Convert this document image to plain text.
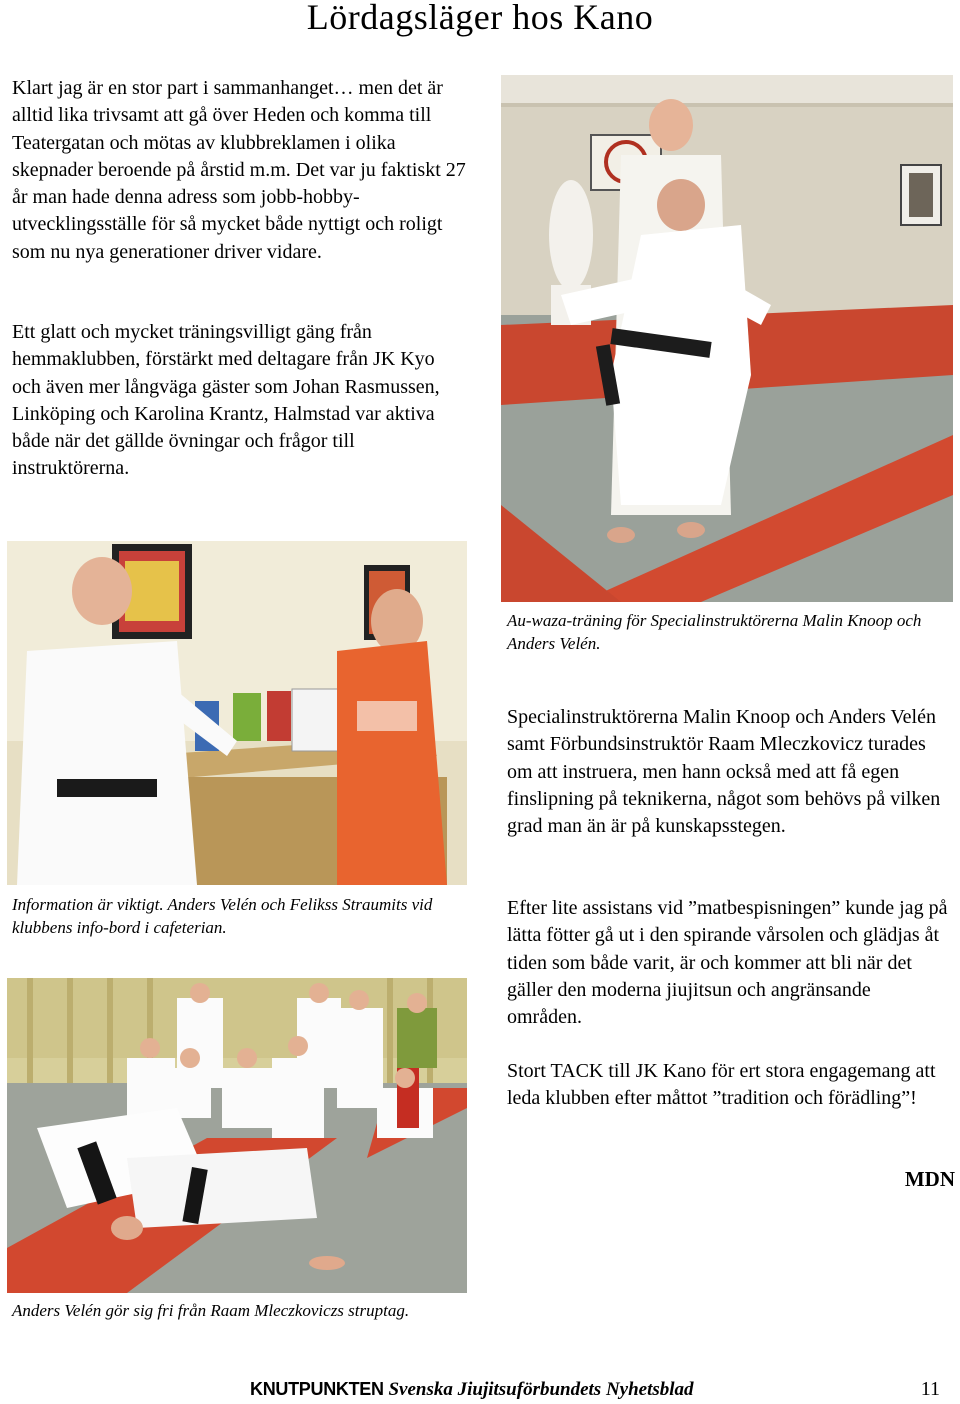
Lördagsläger hos Kano

Klart jag är en stor part i sammanhanget… men det är alltid lika trivsamt att gå över Heden och komma till Teatergatan och mötas av klubbreklamen i olika skepnader beroende på årstid m.m. Det var ju faktiskt 27 år man hade denna adress som jobb-hobby-utvecklingsställe för så mycket både nyttigt och roligt som nu nya generationer driver vidare.

Ett glatt och mycket träningsvilligt gäng från hemmaklubben, förstärkt med deltagare från JK Kyo och även mer långväga gäster som Johan Rasmussen, Linköping och Karolina Krantz, Halmstad var aktiva både när det gällde övningar och frågor till instruktörerna.

Au-waza-träning för Specialinstruktörerna Malin Knoop och Anders Velén.

Information är viktigt. Anders Velén och Felikss Straumits vid klubbens info-bord i cafeterian.

Anders Velén gör sig fri från Raam Mleczkoviczs struptag.

Specialinstruktörerna Malin Knoop och Anders Velén samt Förbundsinstruktör Raam Mleczkovicz turades om att instruera, men hann också med att få egen finslipning på teknikerna, något som behövs på vilken grad man än är på kunskapsstegen.

Efter lite assistans vid ”matbespisningen” kunde jag på lätta fötter gå ut i den spirande vårsolen och glädjas åt tiden som både varit, är och kommer att bli när det gäller den moderna jiujitsun och angränsande områden.

Stort TACK till JK Kano för ert stora engagemang att leda klubben efter måttot ”tradition och förädling”!

MDN
KNUTPUNKTEN Svenska Jiujitsuförbundets Nyhetsblad	11
